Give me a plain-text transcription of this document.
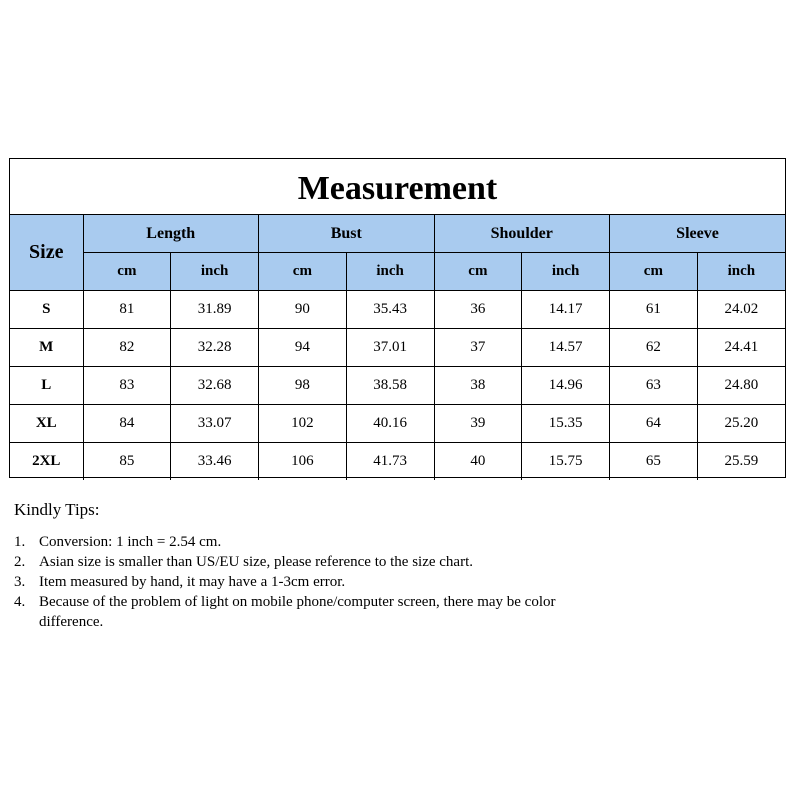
Measurement
Size	Length		Bust		Shoulder		Sleeve	
	cm	inch	cm	inch	cm	inch	cm	inch
S	81	31.89	90	35.43	36	14.17	61	24.02
M	82	32.28	94	37.01	37	14.57	62	24.41
L	83	32.68	98	38.58	38	14.96	63	24.80
XL	84	33.07	102	40.16	39	15.35	64	25.20
2XL	85	33.46	106	41.73	40	15.75	65	25.59
Kindly Tips:
1. Conversion: 1 inch = 2.54 cm.
2. Asian size is smaller than US/EU size, please reference to the size chart.
3. Item measured by hand, it may have a 1-3cm error.
4. Because of the problem of light on mobile phone/computer screen, there may be color difference.
